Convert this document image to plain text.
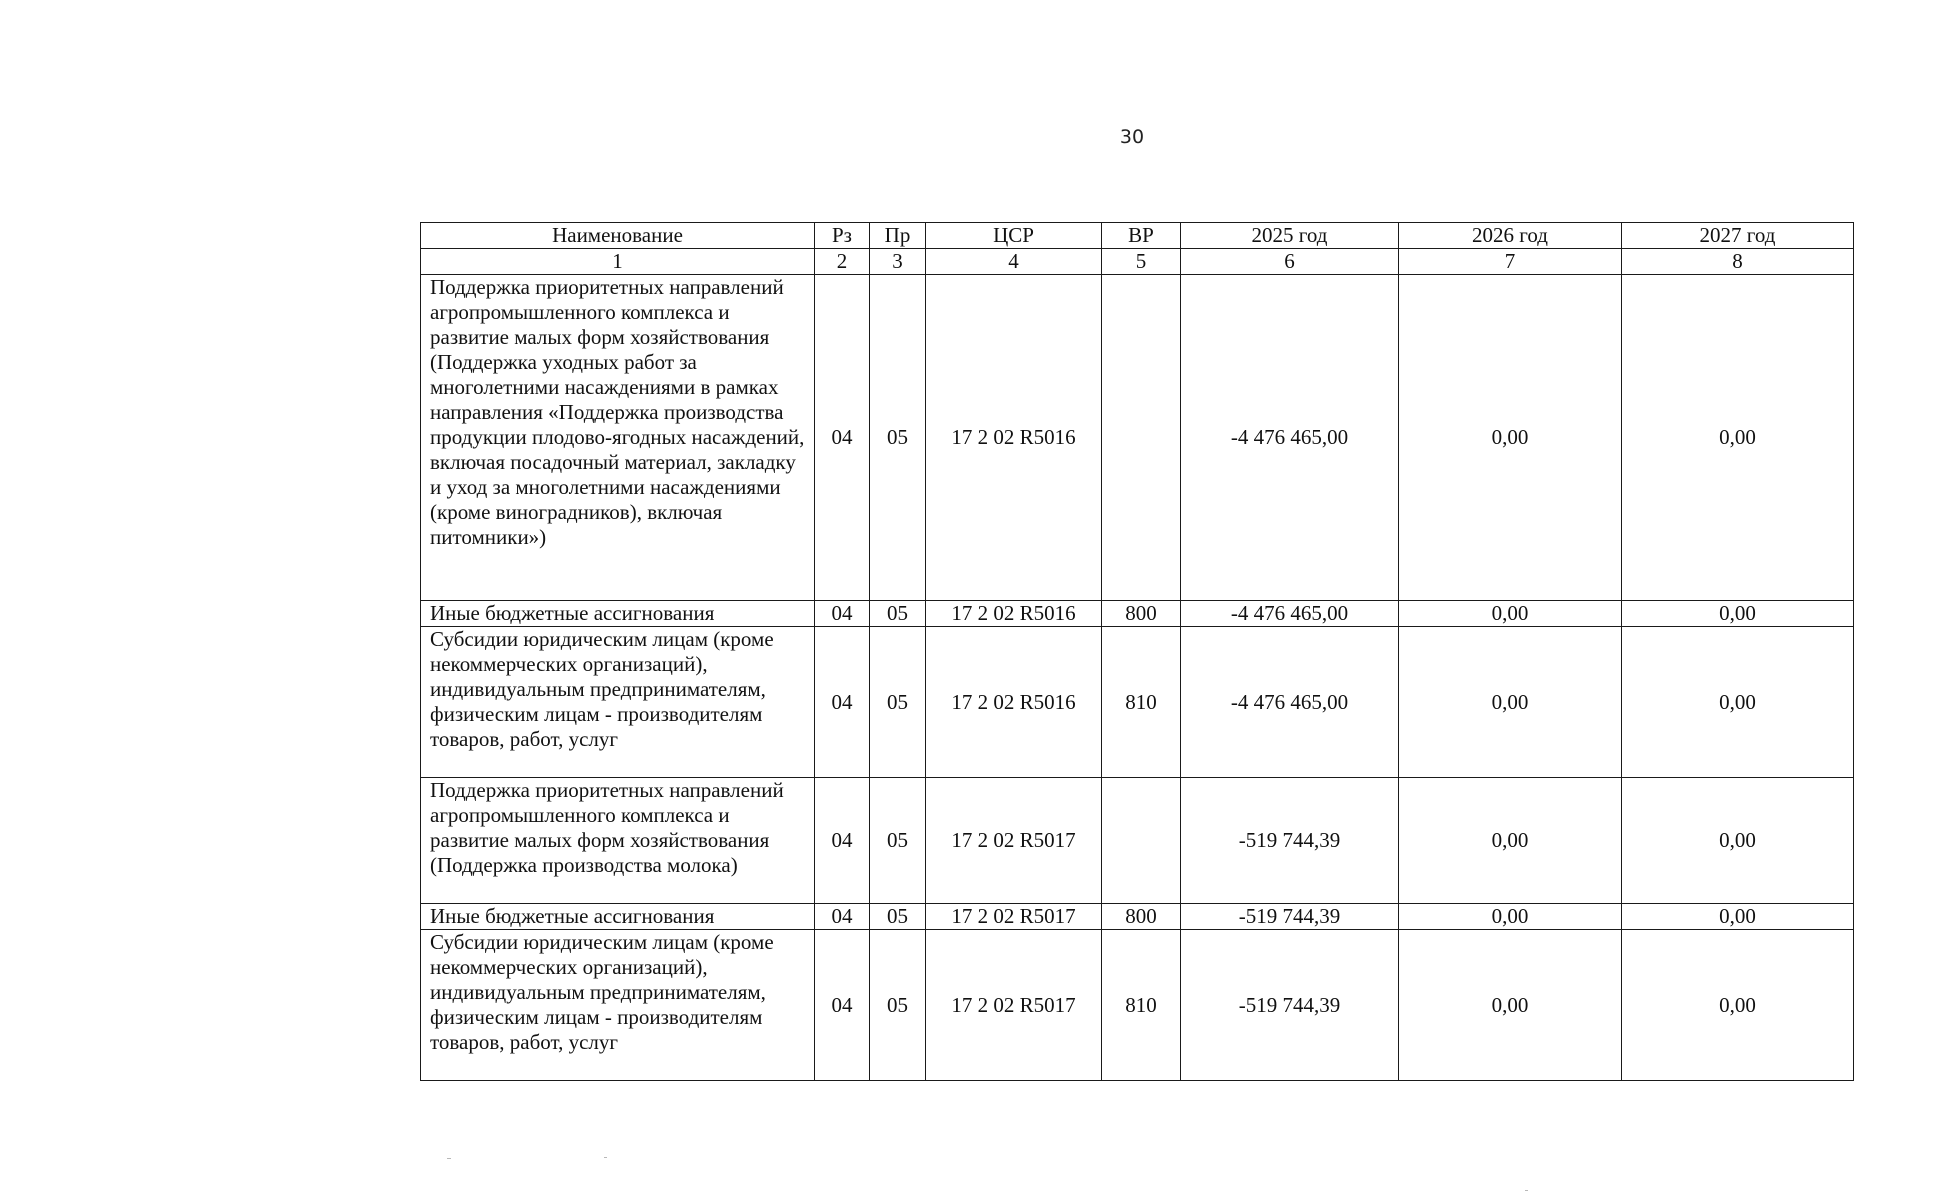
30
Наименование	Рз	Пр	ЦСР	ВР	2025 год	2026 год	2027 год
1	2	3	4	5	6	7	8
Поддержка приоритетных направлений агропромышленного комплекса и развитие малых форм хозяйствования (Поддержка уходных работ за многолетними насаждениями в рамках направления «Поддержка производства продукции плодово-ягодных насаждений, включая посадочный материал, закладку и уход за многолетними насаждениями (кроме виноградников), включая питомники»)	04	05	17 2 02 R5016		-4 476 465,00	0,00	0,00
Иные бюджетные ассигнования	04	05	17 2 02 R5016	800	-4 476 465,00	0,00	0,00
Субсидии юридическим лицам (кроме некоммерческих организаций), индивидуальным предпринимателям, физическим лицам - производителям товаров, работ, услуг	04	05	17 2 02 R5016	810	-4 476 465,00	0,00	0,00
Поддержка приоритетных направлений агропромышленного комплекса и развитие малых форм хозяйствования (Поддержка производства молока)	04	05	17 2 02 R5017		-519 744,39	0,00	0,00
Иные бюджетные ассигнования	04	05	17 2 02 R5017	800	-519 744,39	0,00	0,00
Субсидии юридическим лицам (кроме некоммерческих организаций), индивидуальным предпринимателям, физическим лицам - производителям товаров, работ, услуг	04	05	17 2 02 R5017	810	-519 744,39	0,00	0,00
